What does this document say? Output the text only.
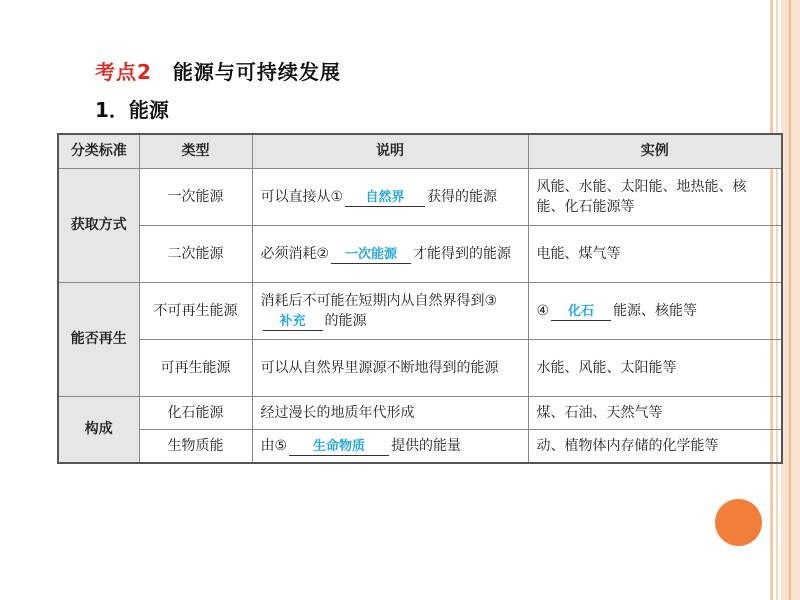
考点2　能源与可持续发展
1．能源
分类标准	类型	说明	实例
获取方式	一次能源	可以直接从① 自然界 获得的能源	风能、水能、太阳能、地热能、核能、化石能源等
	二次能源	必须消耗② 一次能源 才能得到的能源	电能、煤气等
能否再生	不可再生能源	消耗后不可能在短期内从自然界得到③补充 的能源	④ 化石 能源、核能等
	可再生能源	可以从自然界里源源不断地得到的能源	水能、风能、太阳能等
构成	化石能源	经过漫长的地质年代形成	煤、石油、天然气等
	生物质能	由⑤ 生命物质 提供的能量	动、植物体内存储的化学能等
